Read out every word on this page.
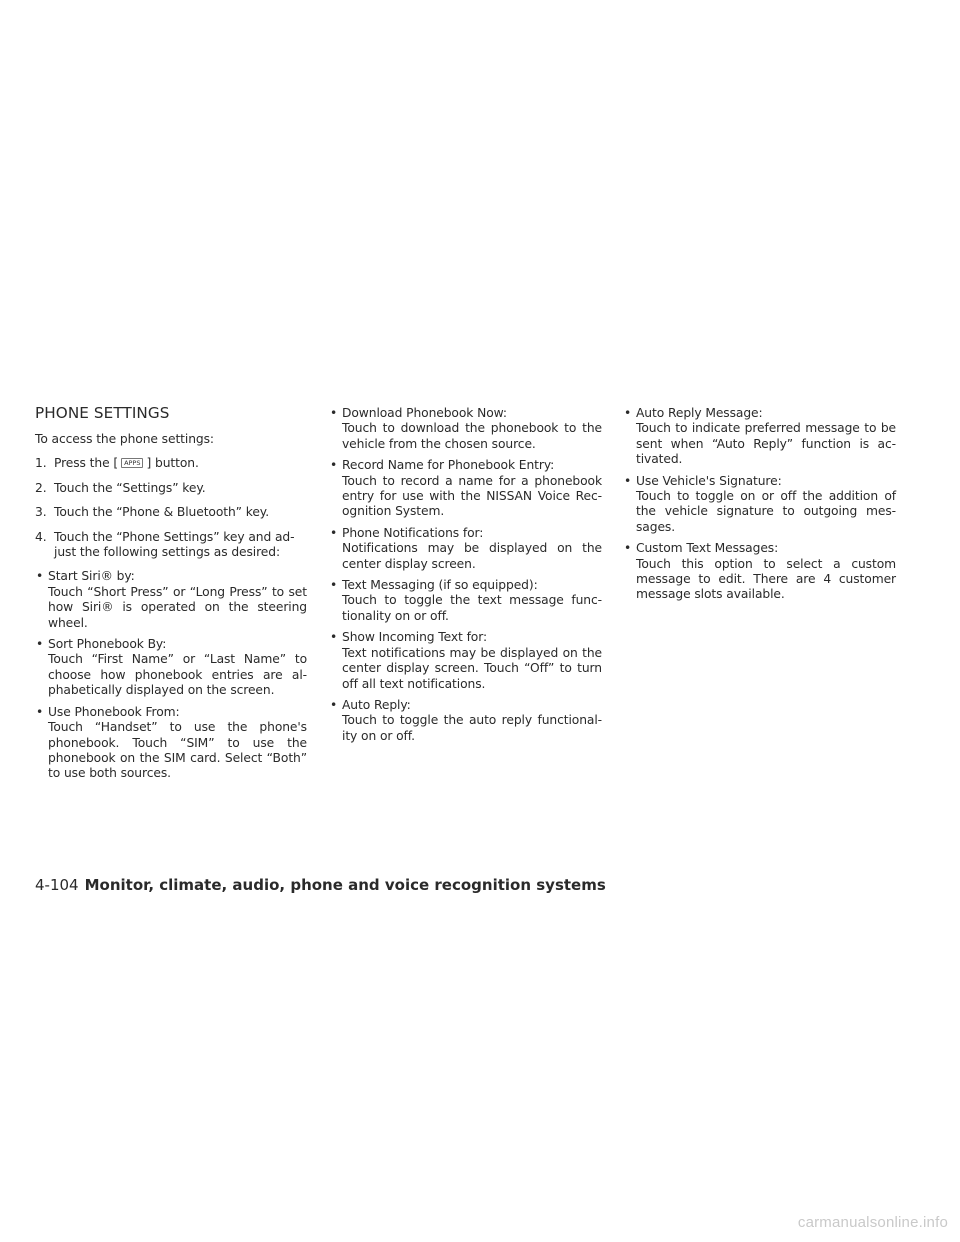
PHONE SETTINGS

To access the phone settings:

1. Press the [ APPS ] button.
2. Touch the “Settings” key.
3. Touch the “Phone & Bluetooth” key.
4. Touch the “Phone Settings” key and ad-just the following settings as desired:
• Start Siri® by:
Touch “Short Press” or “Long Press” to set how Siri® is operated on the steering wheel.
• Sort Phonebook By:
Touch “First Name” or “Last Name” to choose how phonebook entries are al-phabetically displayed on the screen.
• Use Phonebook From:
Touch “Handset” to use the phone's phonebook. Touch “SIM” to use the phonebook on the SIM card. Select “Both” to use both sources.
• Download Phonebook Now:
Touch to download the phonebook to the vehicle from the chosen source.
• Record Name for Phonebook Entry:
Touch to record a name for a phonebook entry for use with the NISSAN Voice Rec-ognition System.
• Phone Notifications for:
Notifications may be displayed on the center display screen.
• Text Messaging (if so equipped):
Touch to toggle the text message func-tionality on or off.
• Show Incoming Text for:
Text notifications may be displayed on the center display screen. Touch “Off” to turn off all text notifications.
• Auto Reply:
Touch to toggle the auto reply functional-ity on or off.
• Auto Reply Message:
Touch to indicate preferred message to be sent when “Auto Reply” function is ac-tivated.
• Use Vehicle's Signature:
Touch to toggle on or off the addition of the vehicle signature to outgoing mes-sages.
• Custom Text Messages:
Touch this option to select a custom message to edit. There are 4 customer message slots available.
4-104 Monitor, climate, audio, phone and voice recognition systems
carmanualsonline.info
